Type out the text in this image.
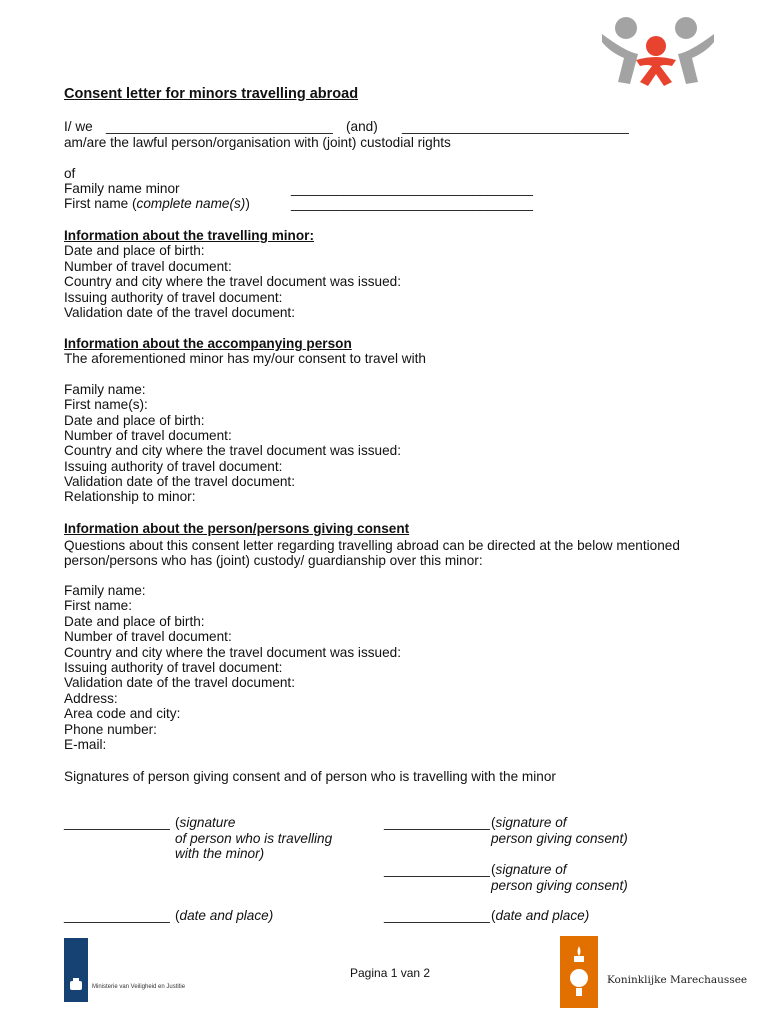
Consent letter for minors travelling abroad
I/ we ______________________________ (and) ______________________________
am/are the lawful person/organisation with (joint) custodial rights
of
Family name minor	________________________________
First name (complete name(s))	________________________________
Information about the travelling minor:
Date and place of birth:
Number of travel document:
Country and city where the travel document was issued:
Issuing authority of travel document:
Validation date of the travel document:
Information about the accompanying person
The aforementioned minor has my/our consent to travel with
Family name:
First name(s):
Date and place of birth:
Number of travel document:
Country and city where the travel document was issued:
Issuing authority of travel document:
Validation date of the travel document:
Relationship to minor:
Information about the person/persons giving consent
Questions about this consent letter regarding travelling abroad can be directed at the below mentioned
person/persons who has (joint) custody/ guardianship over this minor:
Family name:
First name:
Date and place of birth:
Number of travel document:
Country and city where the travel document was issued:
Issuing authority of travel document:
Validation date of the travel document:
Address:
Area code and city:
Phone number:
E-mail:
Signatures of person giving consent and of person who is travelling with the minor
______________ (signature
of person who is travelling
with the minor)
______________ (signature of
person giving consent)
______________ (signature of
person giving consent)
______________ (date and place)	______________ (date and place)
Pagina 1 van 2
Ministerie van Veiligheid en Justitie
Koninklijke Marechaussee
